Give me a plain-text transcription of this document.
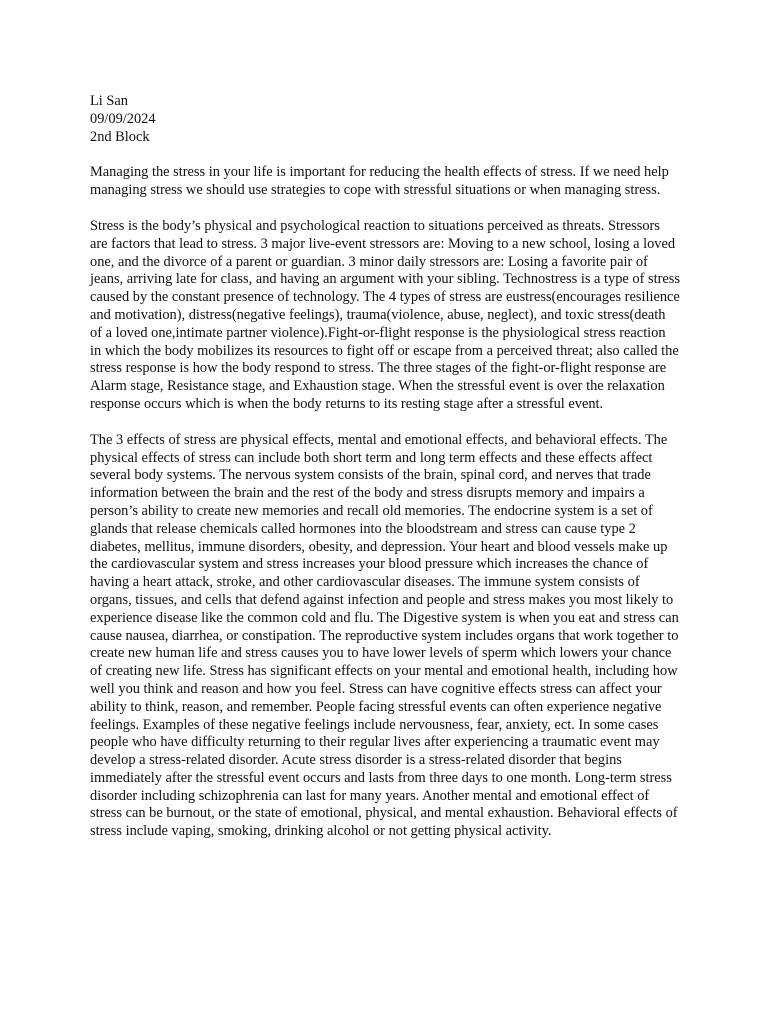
Li San
09/09/2024
2nd Block

Managing the stress in your life is important for reducing the health effects of stress. If we need help managing stress we should use strategies to cope with stressful situations or when managing stress.

Stress is the body’s physical and psychological reaction to situations perceived as threats. Stressors are factors that lead to stress. 3 major live-event stressors are: Moving to a new school, losing a loved one, and the divorce of a parent or guardian. 3 minor daily stressors are: Losing a favorite pair of jeans, arriving late for class, and having an argument with your sibling. Technostress is a type of stress caused by the constant presence of technology. The 4 types of stress are eustress(encourages resilience and motivation), distress(negative feelings), trauma(violence, abuse, neglect), and toxic stress(death of a loved one,intimate partner violence).Fight-or-flight response is the physiological stress reaction in which the body mobilizes its resources to fight off or escape from a perceived threat; also called the stress response is how the body respond to stress. The three stages of the fight-or-flight response are Alarm stage, Resistance stage, and Exhaustion stage. When the stressful event is over the relaxation response occurs which is when the body returns to its resting stage after a stressful event.

The 3 effects of stress are physical effects, mental and emotional effects, and behavioral effects. The physical effects of stress can include both short term and long term effects and these effects affect several body systems. The nervous system consists of the brain, spinal cord, and nerves that trade information between the brain and the rest of the body and stress disrupts memory and impairs a person’s ability to create new memories and recall old memories. The endocrine system is a set of glands that release chemicals called hormones into the bloodstream and stress can cause type 2 diabetes, mellitus, immune disorders, obesity, and depression. Your heart and blood vessels make up the cardiovascular system and stress increases your blood pressure which increases the chance of having a heart attack, stroke, and other cardiovascular diseases. The immune system consists of organs, tissues, and cells that defend against infection and people and stress makes you most likely to experience disease like the common cold and flu. The Digestive system is when you eat and stress can cause nausea, diarrhea, or constipation. The reproductive system includes organs that work together to create new human life and stress causes you to have lower levels of sperm which lowers your chance of creating new life. Stress has significant effects on your mental and emotional health, including how well you think and reason and how you feel. Stress can have cognitive effects stress can affect your ability to think, reason, and remember. People facing stressful events can often experience negative feelings. Examples of these negative feelings include nervousness, fear, anxiety, ect. In some cases people who have difficulty returning to their regular lives after experiencing a traumatic event may develop a stress-related disorder. Acute stress disorder is a stress-related disorder that begins immediately after the stressful event occurs and lasts from three days to one month. Long-term stress disorder including schizophrenia can last for many years. Another mental and emotional effect of stress can be burnout, or the state of emotional, physical, and mental exhaustion. Behavioral effects of stress include vaping, smoking, drinking alcohol or not getting physical activity.
